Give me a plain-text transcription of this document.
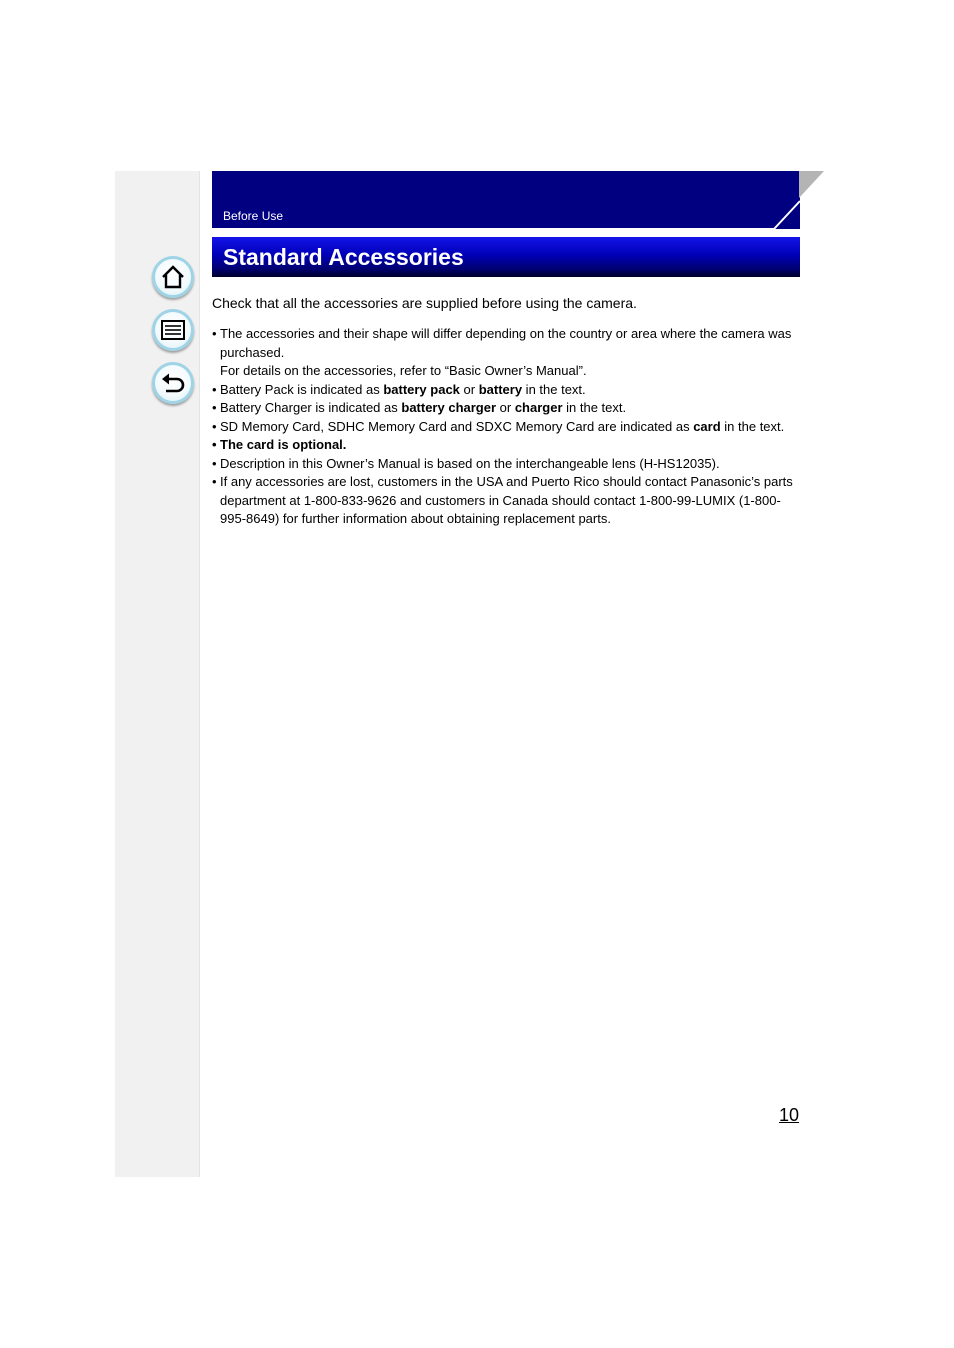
Before Use
Standard Accessories

Check that all the accessories are supplied before using the camera.

• The accessories and their shape will differ depending on the country or area where the camera was purchased.
For details on the accessories, refer to “Basic Owner’s Manual”.
• Battery Pack is indicated as battery pack or battery in the text.
• Battery Charger is indicated as battery charger or charger in the text.
• SD Memory Card, SDHC Memory Card and SDXC Memory Card are indicated as card in the text.
• The card is optional.
• Description in this Owner’s Manual is based on the interchangeable lens (H-HS12035).
• If any accessories are lost, customers in the USA and Puerto Rico should contact Panasonic’s parts department at 1-800-833-9626 and customers in Canada should contact 1-800-99-LUMIX (1-800-995-8649) for further information about obtaining replacement parts.
10
